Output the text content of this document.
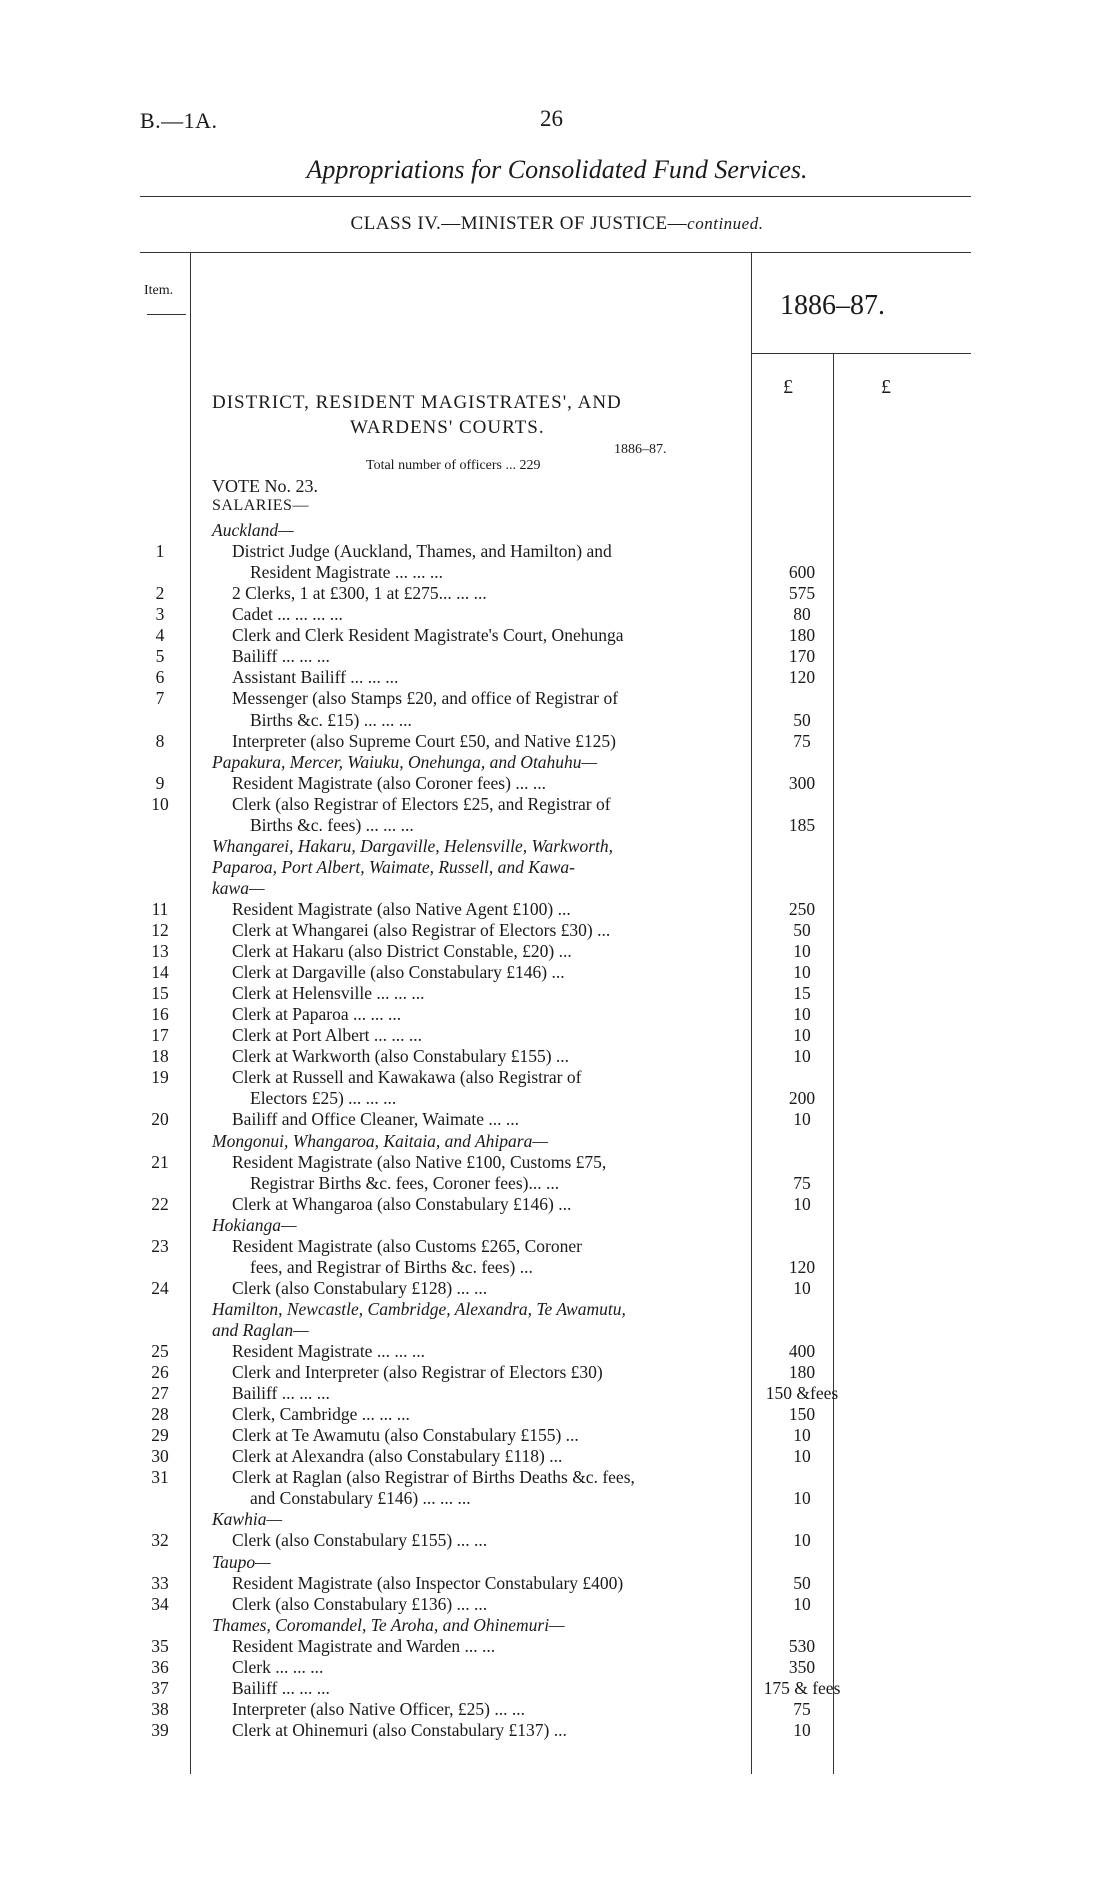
B.—1A.	26
Appropriations for Consolidated Fund Services.
CLASS IV.—MINISTER OF JUSTICE—continued.
Item.	1886–87.
£	£
DISTRICT, RESIDENT MAGISTRATES', AND
WARDENS' COURTS.
1886–87.
Total number of officers ... 229
VOTE No. 23.
SALARIES—
Auckland—
1	District Judge (Auckland, Thames, and Hamilton) and
Resident Magistrate ... ... ...	600
2	2 Clerks, 1 at £300, 1 at £275... ... ...	575
3	Cadet ... ... ... ...	80
4	Clerk and Clerk Resident Magistrate's Court, Onehunga	180
5	Bailiff ... ... ...	170
6	Assistant Bailiff ... ... ...	120
7	Messenger (also Stamps £20, and office of Registrar of
Births &c. £15) ... ... ...	50
8	Interpreter (also Supreme Court £50, and Native £125)	75
Papakura, Mercer, Waiuku, Onehunga, and Otahuhu—
9	Resident Magistrate (also Coroner fees) ... ...	300
10	Clerk (also Registrar of Electors £25, and Registrar of
Births &c. fees) ... ... ...	185
Whangarei, Hakaru, Dargaville, Helensville, Warkworth,
Paparoa, Port Albert, Waimate, Russell, and Kawa-
kawa—
11	Resident Magistrate (also Native Agent £100) ...	250
12	Clerk at Whangarei (also Registrar of Electors £30) ...	50
13	Clerk at Hakaru (also District Constable, £20) ...	10
14	Clerk at Dargaville (also Constabulary £146) ...	10
15	Clerk at Helensville ... ... ...	15
16	Clerk at Paparoa ... ... ...	10
17	Clerk at Port Albert ... ... ...	10
18	Clerk at Warkworth (also Constabulary £155) ...	10
19	Clerk at Russell and Kawakawa (also Registrar of
Electors £25) ... ... ...	200
20	Bailiff and Office Cleaner, Waimate ... ...	10
Mongonui, Whangaroa, Kaitaia, and Ahipara—
21	Resident Magistrate (also Native £100, Customs £75,
Registrar Births &c. fees, Coroner fees)... ...	75
22	Clerk at Whangaroa (also Constabulary £146) ...	10
Hokianga—
23	Resident Magistrate (also Customs £265, Coroner
fees, and Registrar of Births &c. fees) ...	120
24	Clerk (also Constabulary £128) ... ...	10
Hamilton, Newcastle, Cambridge, Alexandra, Te Awamutu,
and Raglan—
25	Resident Magistrate ... ... ...	400
26	Clerk and Interpreter (also Registrar of Electors £30)	180
27	Bailiff ... ... ...	150 &fees
28	Clerk, Cambridge ... ... ...	150
29	Clerk at Te Awamutu (also Constabulary £155) ...	10
30	Clerk at Alexandra (also Constabulary £118) ...	10
31	Clerk at Raglan (also Registrar of Births Deaths &c. fees,
and Constabulary £146) ... ... ...	10
Kawhia—
32	Clerk (also Constabulary £155) ... ...	10
Taupo—
33	Resident Magistrate (also Inspector Constabulary £400)	50
34	Clerk (also Constabulary £136) ... ...	10
Thames, Coromandel, Te Aroha, and Ohinemuri—
35	Resident Magistrate and Warden ... ...	530
36	Clerk ... ... ...	350
37	Bailiff ... ... ...	175 & fees
38	Interpreter (also Native Officer, £25) ... ...	75
39	Clerk at Ohinemuri (also Constabulary £137) ...	10
